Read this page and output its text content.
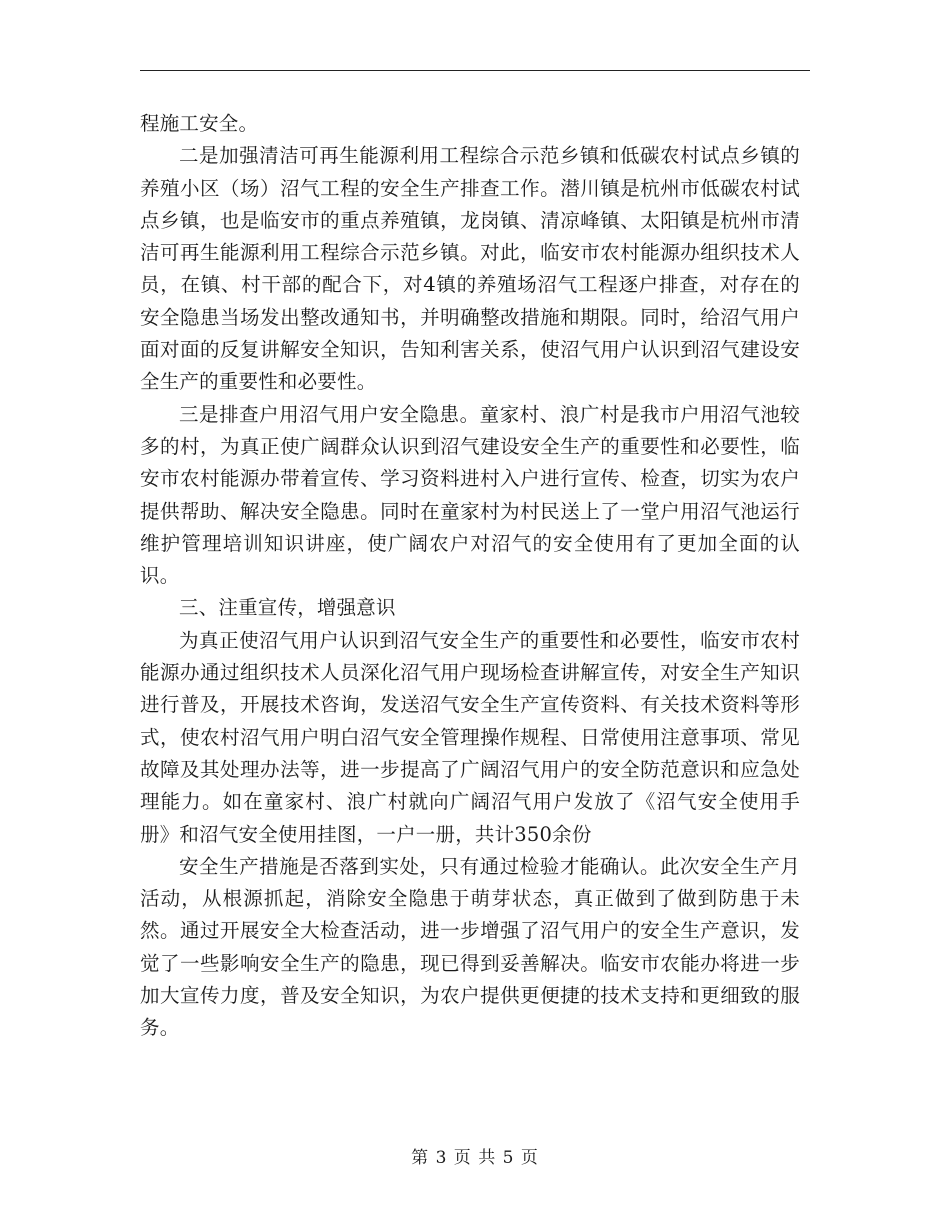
程施工安全。

二是加强清洁可再生能源利用工程综合示范乡镇和低碳农村试点乡镇的养殖小区（场）沼气工程的安全生产排查工作。潜川镇是杭州市低碳农村试点乡镇，也是临安市的重点养殖镇，龙岗镇、清凉峰镇、太阳镇是杭州市清洁可再生能源利用工程综合示范乡镇。对此，临安市农村能源办组织技术人员，在镇、村干部的配合下，对4镇的养殖场沼气工程逐户排查，对存在的安全隐患当场发出整改通知书，并明确整改措施和期限。同时，给沼气用户面对面的反复讲解安全知识，告知利害关系，使沼气用户认识到沼气建设安全生产的重要性和必要性。

三是排查户用沼气用户安全隐患。童家村、浪广村是我市户用沼气池较多的村，为真正使广阔群众认识到沼气建设安全生产的重要性和必要性，临安市农村能源办带着宣传、学习资料进村入户进行宣传、检查，切实为农户提供帮助、解决安全隐患。同时在童家村为村民送上了一堂户用沼气池运行维护管理培训知识讲座，使广阔农户对沼气的安全使用有了更加全面的认识。

三、注重宣传，增强意识

为真正使沼气用户认识到沼气安全生产的重要性和必要性，临安市农村能源办通过组织技术人员深化沼气用户现场检查讲解宣传，对安全生产知识进行普及，开展技术咨询，发送沼气安全生产宣传资料、有关技术资料等形式，使农村沼气用户明白沼气安全管理操作规程、日常使用注意事项、常见故障及其处理办法等，进一步提高了广阔沼气用户的安全防范意识和应急处理能力。如在童家村、浪广村就向广阔沼气用户发放了《沼气安全使用手册》和沼气安全使用挂图，一户一册，共计350余份

安全生产措施是否落到实处，只有通过检验才能确认。此次安全生产月活动，从根源抓起，消除安全隐患于萌芽状态，真正做到了做到防患于未然。通过开展安全大检查活动，进一步增强了沼气用户的安全生产意识，发觉了一些影响安全生产的隐患，现已得到妥善解决。临安市农能办将进一步加大宣传力度，普及安全知识，为农户提供更便捷的技术支持和更细致的服务。

第 3 页 共 5 页
